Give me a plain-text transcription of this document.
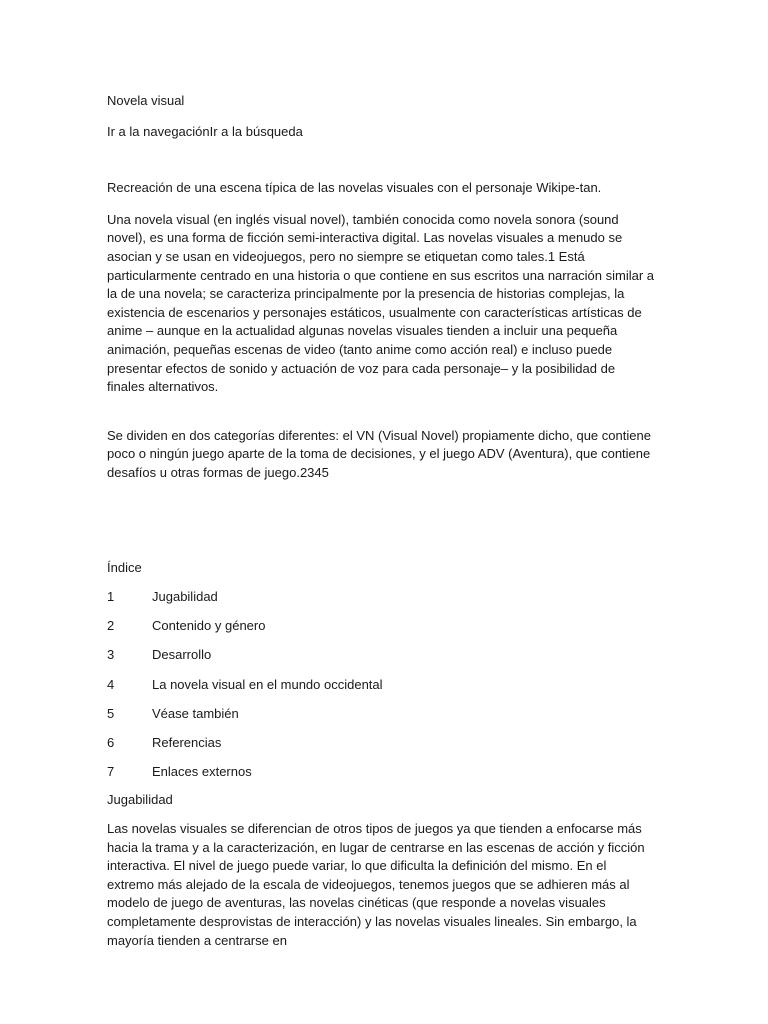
Novela visual

Ir a la navegaciónIr a la búsqueda

Recreación de una escena típica de las novelas visuales con el personaje Wikipe-tan.

Una novela visual (en inglés visual novel), también conocida como novela sonora (sound novel), es una forma de ficción semi-interactiva digital. Las novelas visuales a menudo se asocian y se usan en videojuegos, pero no siempre se etiquetan como tales.1 Está particularmente centrado en una historia o que contiene en sus escritos una narración similar a la de una novela; se caracteriza principalmente por la presencia de historias complejas, la existencia de escenarios y personajes estáticos, usualmente con características artísticas de anime – aunque en la actualidad algunas novelas visuales tienden a incluir una pequeña animación, pequeñas escenas de video (tanto anime como acción real) e incluso puede presentar efectos de sonido y actuación de voz para cada personaje– y la posibilidad de finales alternativos.

Se dividen en dos categorías diferentes: el VN (Visual Novel) propiamente dicho, que contiene poco o ningún juego aparte de la toma de decisiones, y el juego ADV (Aventura), que contiene desafíos u otras formas de juego.2345

Índice

1	Jugabilidad
2	Contenido y género
3	Desarrollo
4	La novela visual en el mundo occidental
5	Véase también
6	Referencias
7	Enlaces externos

Jugabilidad

Las novelas visuales se diferencian de otros tipos de juegos ya que tienden a enfocarse más hacia la trama y a la caracterización, en lugar de centrarse en las escenas de acción y ficción interactiva. El nivel de juego puede variar, lo que dificulta la definición del mismo. En el extremo más alejado de la escala de videojuegos, tenemos juegos que se adhieren más al modelo de juego de aventuras, las novelas cinéticas (que responde a novelas visuales completamente desprovistas de interacción) y las novelas visuales lineales. Sin embargo, la mayoría tienden a centrarse en
